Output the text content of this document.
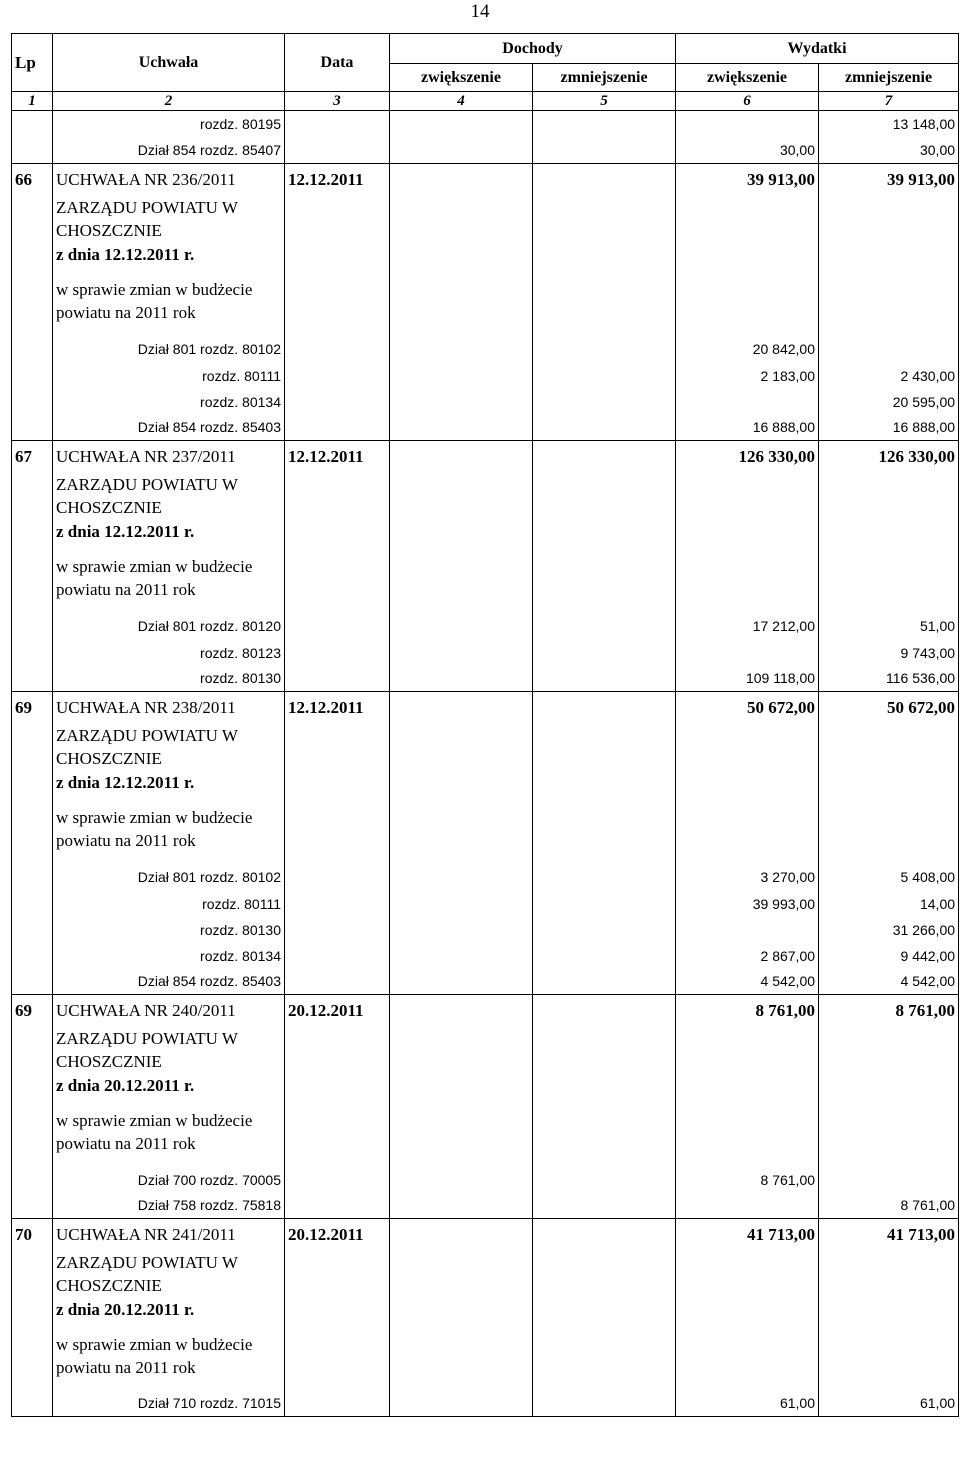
14
Lp	Uchwała	Data	Dochody		Wydatki	
			zwiększenie	zmniejszenie	zwiększenie	zmniejszenie
1	2	3	4	5	6	7
	rozdz. 80195					13 148,00
	Dział 854 rozdz. 85407				30,00	30,00
66	UCHWAŁA NR 236/2011	12.12.2011			39 913,00	39 913,00
	ZARZĄDU POWIATU W CHOSZCZNIE					
	z dnia 12.12.2011 r.					
	w sprawie zmian w budżecie powiatu na 2011 rok					
	Dział 801 rozdz. 80102				20 842,00	
	rozdz. 80111				2 183,00	2 430,00
	rozdz. 80134					20 595,00
	Dział 854 rozdz. 85403				16 888,00	16 888,00
67	UCHWAŁA NR 237/2011	12.12.2011			126 330,00	126 330,00
	ZARZĄDU POWIATU W CHOSZCZNIE					
	z dnia 12.12.2011 r.					
	w sprawie zmian w budżecie powiatu na 2011 rok					
	Dział 801 rozdz. 80120				17 212,00	51,00
	rozdz. 80123					9 743,00
	rozdz. 80130				109 118,00	116 536,00
69	UCHWAŁA NR 238/2011	12.12.2011			50 672,00	50 672,00
	ZARZĄDU POWIATU W CHOSZCZNIE					
	z dnia 12.12.2011 r.					
	w sprawie zmian w budżecie powiatu na 2011 rok					
	Dział 801 rozdz. 80102				3 270,00	5 408,00
	rozdz. 80111				39 993,00	14,00
	rozdz. 80130					31 266,00
	rozdz. 80134				2 867,00	9 442,00
	Dział 854 rozdz. 85403				4 542,00	4 542,00
69	UCHWAŁA NR 240/2011	20.12.2011			8 761,00	8 761,00
	ZARZĄDU POWIATU W CHOSZCZNIE					
	z dnia 20.12.2011 r.					
	w sprawie zmian w budżecie powiatu na 2011 rok					
	Dział 700 rozdz. 70005				8 761,00	
	Dział 758 rozdz. 75818					8 761,00
70	UCHWAŁA NR 241/2011	20.12.2011			41 713,00	41 713,00
	ZARZĄDU POWIATU W CHOSZCZNIE					
	z dnia 20.12.2011 r.					
	w sprawie zmian w budżecie powiatu na 2011 rok					
	Dział 710 rozdz. 71015				61,00	61,00
